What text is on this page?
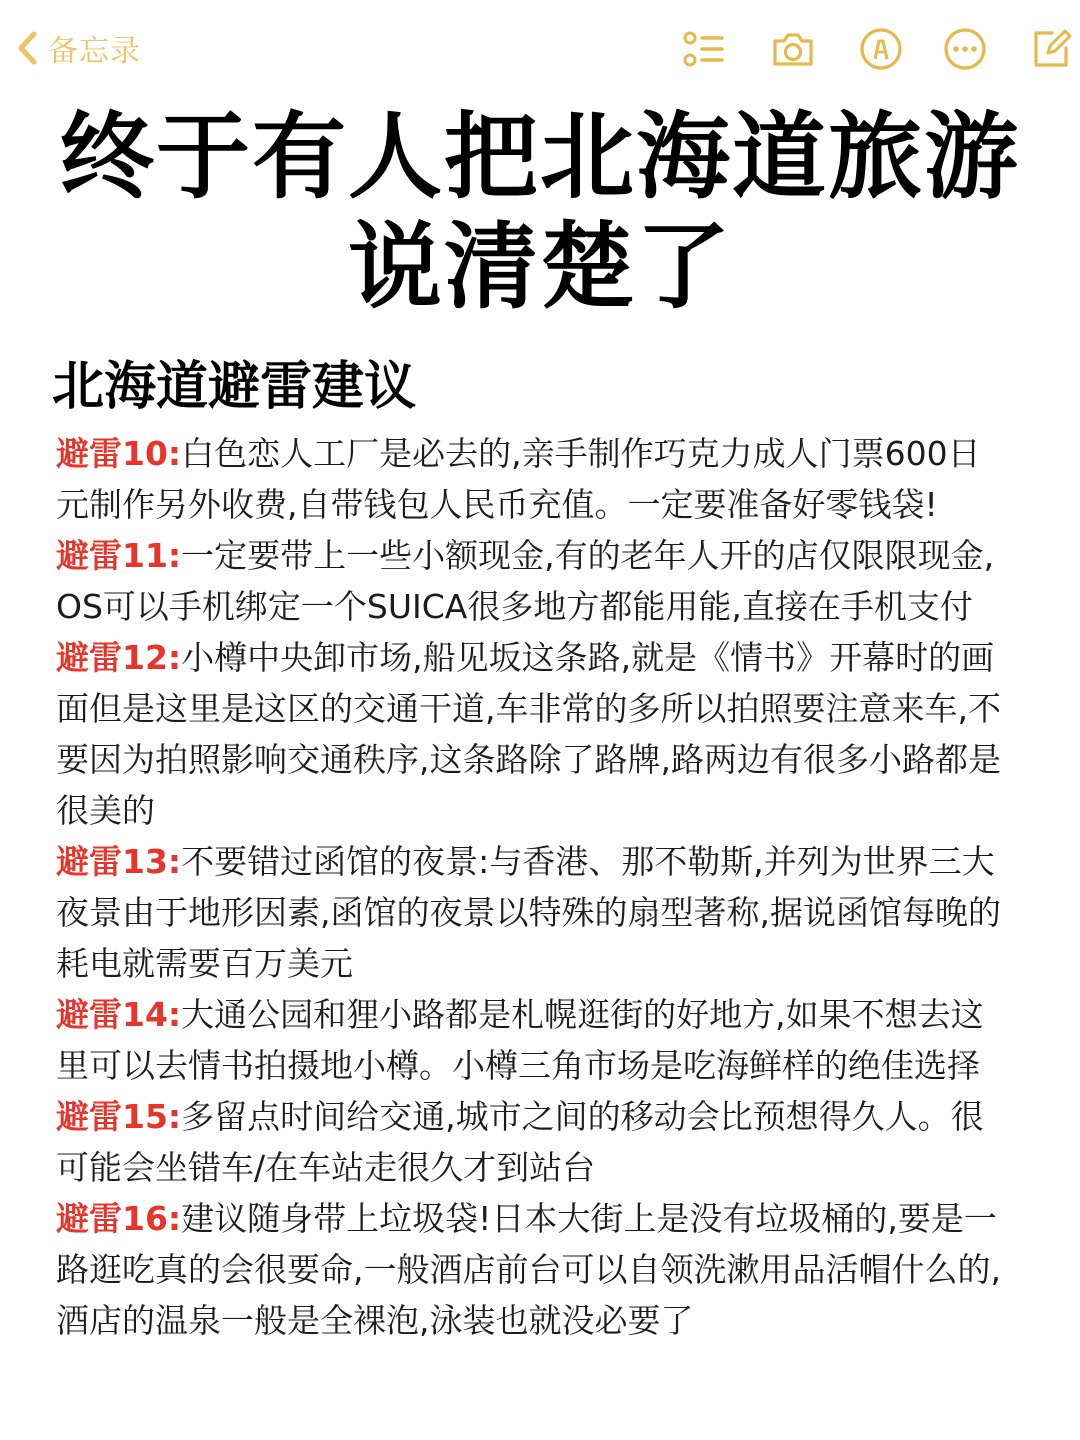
备忘录
终于有人把北海道旅游
说清楚了
北海道避雷建议
避雷10:白色恋人工厂是必去的,亲手制作巧克力成人门票600日元制作另外收费,自带钱包人民币充值。一定要准备好零钱袋!
避雷11:一定要带上一些小额现金,有的老年人开的店仅限限现金,OS可以手机绑定一个SUICA很多地方都能用能,直接在手机支付
避雷12:小樽中央卸市场,船见坂这条路,就是《情书》开幕时的画面但是这里是这区的交通干道,车非常的多所以拍照要注意来车,不要因为拍照影响交通秩序,这条路除了路牌,路两边有很多小路都是很美的
避雷13:不要错过函馆的夜景:与香港、那不勒斯,并列为世界三大夜景由于地形因素,函馆的夜景以特殊的扇型著称,据说函馆每晚的耗电就需要百万美元
避雷14:大通公园和狸小路都是札幌逛街的好地方,如果不想去这里可以去情书拍摄地小樽。小樽三角市场是吃海鲜样的绝佳选择
避雷15:多留点时间给交通,城市之间的移动会比预想得久人。很可能会坐错车/在车站走很久才到站台
避雷16:建议随身带上垃圾袋!日本大街上是没有垃圾桶的,要是一路逛吃真的会很要命,一般酒店前台可以自领洗漱用品活帽什么的,酒店的温泉一般是全裸泡,泳装也就没必要了
